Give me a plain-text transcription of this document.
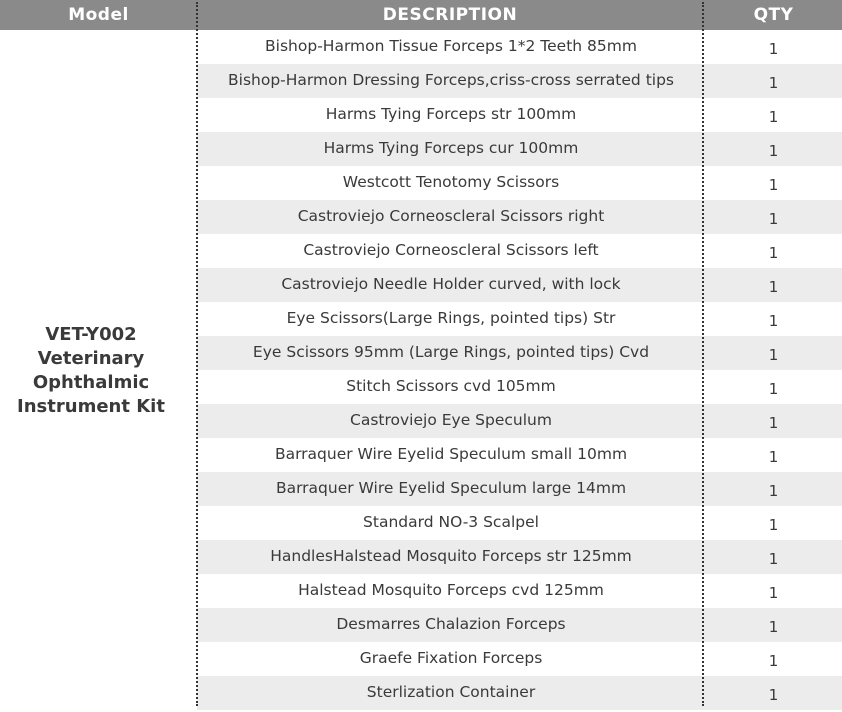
Model	DESCRIPTION	QTY
VET-Y002
Veterinary
Ophthalmic
Instrument Kit
Bishop-Harmon Tissue Forceps 1*2 Teeth 85mm	1
Bishop-Harmon Dressing Forceps,criss-cross serrated tips	1
Harms Tying Forceps str 100mm	1
Harms Tying Forceps cur 100mm	1
Westcott Tenotomy Scissors	1
Castroviejo Corneoscleral Scissors right	1
Castroviejo Corneoscleral Scissors left	1
Castroviejo Needle Holder curved, with lock	1
Eye Scissors(Large Rings, pointed tips) Str	1
Eye Scissors 95mm (Large Rings, pointed tips) Cvd	1
Stitch Scissors cvd 105mm	1
Castroviejo Eye Speculum	1
Barraquer Wire Eyelid Speculum small 10mm	1
Barraquer Wire Eyelid Speculum large 14mm	1
Standard NO-3 Scalpel	1
HandlesHalstead Mosquito Forceps str 125mm	1
Halstead Mosquito Forceps cvd 125mm	1
Desmarres Chalazion Forceps	1
Graefe Fixation Forceps	1
Sterlization Container	1
